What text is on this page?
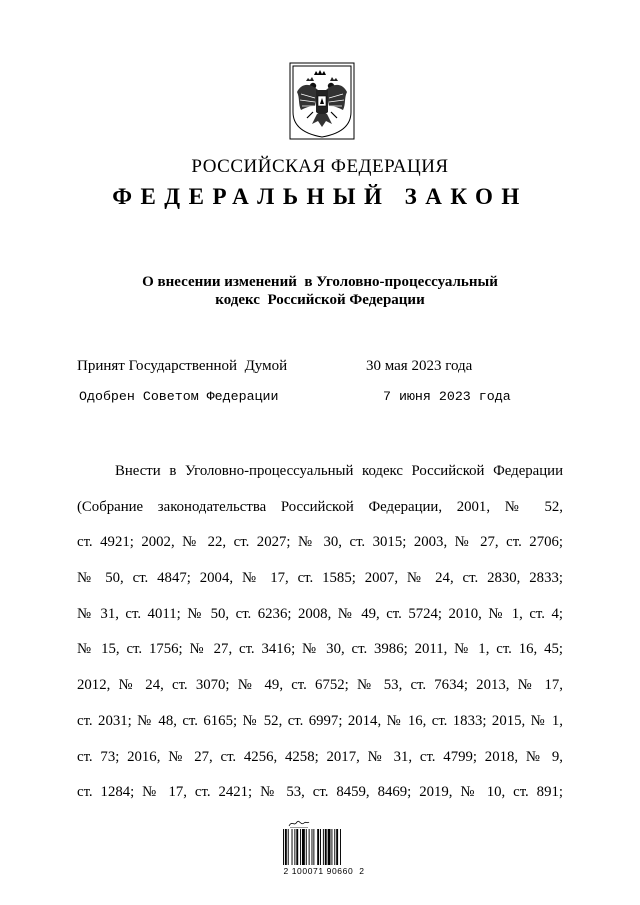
РОССИЙСКАЯ ФЕДЕРАЦИЯ
ФЕДЕРАЛЬНЫЙ ЗАКОН
О внесении изменений  в Уголовно-процессуальный
кодекс  Российской Федерации
Принят Государственной  Думой	30 мая 2023 года
Одобрен Советом Федерации	7 июня 2023 года
Внести в Уголовно-процессуальный кодекс Российской Федерации
(Собрание законодательства Российской Федерации, 2001, № 52,
ст. 4921; 2002, № 22, ст. 2027; № 30, ст. 3015; 2003, № 27, ст. 2706;
№ 50, ст. 4847; 2004, № 17, ст. 1585; 2007, № 24, ст. 2830, 2833;
№ 31, ст. 4011; № 50, ст. 6236; 2008, № 49, ст. 5724; 2010, № 1, ст. 4;
№ 15, ст. 1756; № 27, ст. 3416; № 30, ст. 3986; 2011, № 1, ст. 16, 45;
2012, № 24, ст. 3070; № 49, ст. 6752; № 53, ст. 7634; 2013, № 17,
ст. 2031; № 48, ст. 6165; № 52, ст. 6997; 2014, № 16, ст. 1833; 2015, № 1,
ст. 73; 2016, № 27, ст. 4256, 4258; 2017, № 31, ст. 4799; 2018, № 9,
ст. 1284; № 17, ст. 2421; № 53, ст. 8459, 8469; 2019, № 10, ст. 891;
2 100071 90660  2
